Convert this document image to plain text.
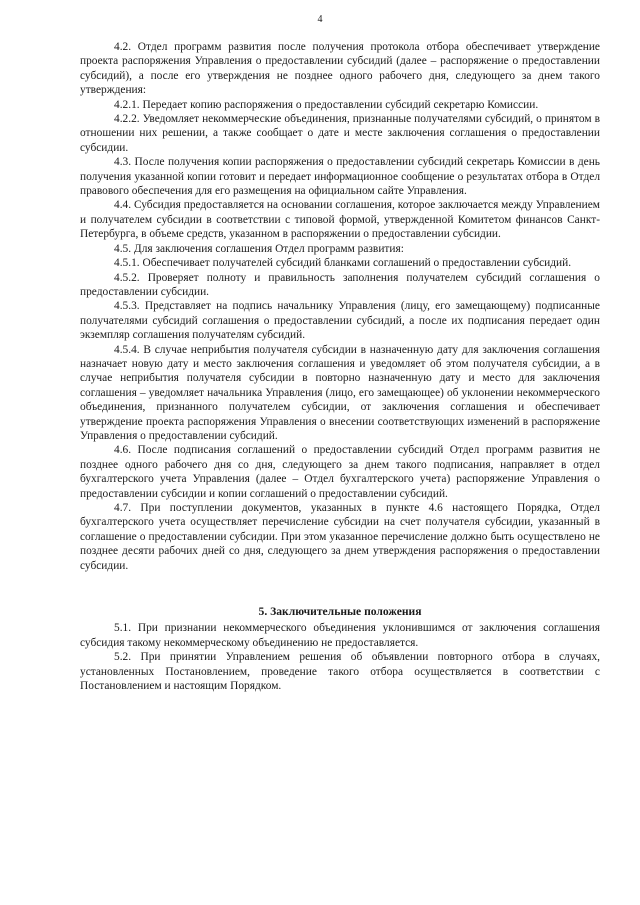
4

4.2. Отдел программ развития после получения протокола отбора обеспечивает утверждение проекта распоряжения Управления о предоставлении субсидий (далее – распоряжение о предоставлении субсидий), а после его утверждения не позднее одного рабочего дня, следующего за днем такого утверждения:

4.2.1. Передает копию распоряжения о предоставлении субсидий секретарю Комиссии.

4.2.2. Уведомляет некоммерческие объединения, признанные получателями субсидий, о принятом в отношении них решении, а также сообщает о дате и месте заключения соглашения о предоставлении субсидии.

4.3. После получения копии распоряжения о предоставлении субсидий секретарь Комиссии в день получения указанной копии готовит и передает информационное сообщение о результатах отбора в Отдел правового обеспечения для его размещения на официальном сайте Управления.

4.4. Субсидия предоставляется на основании соглашения, которое заключается между Управлением и получателем субсидии в соответствии с типовой формой, утвержденной Комитетом финансов Санкт-Петербурга, в объеме средств, указанном в распоряжении о предоставлении субсидии.

4.5. Для заключения соглашения Отдел программ развития:

4.5.1. Обеспечивает получателей субсидий бланками соглашений о предоставлении субсидий.

4.5.2. Проверяет полноту и правильность заполнения получателем субсидий соглашения о предоставлении субсидии.

4.5.3. Представляет на подпись начальнику Управления (лицу, его замещающему) подписанные получателями субсидий соглашения о предоставлении субсидий, а после их подписания передает один экземпляр соглашения получателям субсидий.

4.5.4. В случае неприбытия получателя субсидии в назначенную дату для заключения соглашения назначает новую дату и место заключения соглашения и уведомляет об этом получателя субсидии, а в случае неприбытия получателя субсидии в повторно назначенную дату и место для заключения соглашения – уведомляет начальника Управления (лицо, его замещающее) об уклонении некоммерческого объединения, признанного получателем субсидии, от заключения соглашения и обеспечивает утверждение проекта распоряжения Управления о внесении соответствующих изменений в распоряжение Управления о предоставлении субсидий.

4.6. После подписания соглашений о предоставлении субсидий Отдел программ развития не позднее одного рабочего дня со дня, следующего за днем такого подписания, направляет в отдел бухгалтерского учета Управления (далее – Отдел бухгалтерского учета) распоряжение Управления о предоставлении субсидии и копии соглашений о предоставлении субсидий.

4.7. При поступлении документов, указанных в пункте 4.6 настоящего Порядка, Отдел бухгалтерского учета осуществляет перечисление субсидии на счет получателя субсидии, указанный в соглашение о предоставлении субсидии. При этом указанное перечисление должно быть осуществлено не позднее десяти рабочих дней со дня, следующего за днем утверждения распоряжения о предоставлении субсидии.

5. Заключительные положения

5.1. При признании некоммерческого объединения уклонившимся от заключения соглашения субсидия такому некоммерческому объединению не предоставляется.

5.2. При принятии Управлением решения об объявлении повторного отбора в случаях, установленных Постановлением, проведение такого отбора осуществляется в соответствии с Постановлением и настоящим Порядком.
